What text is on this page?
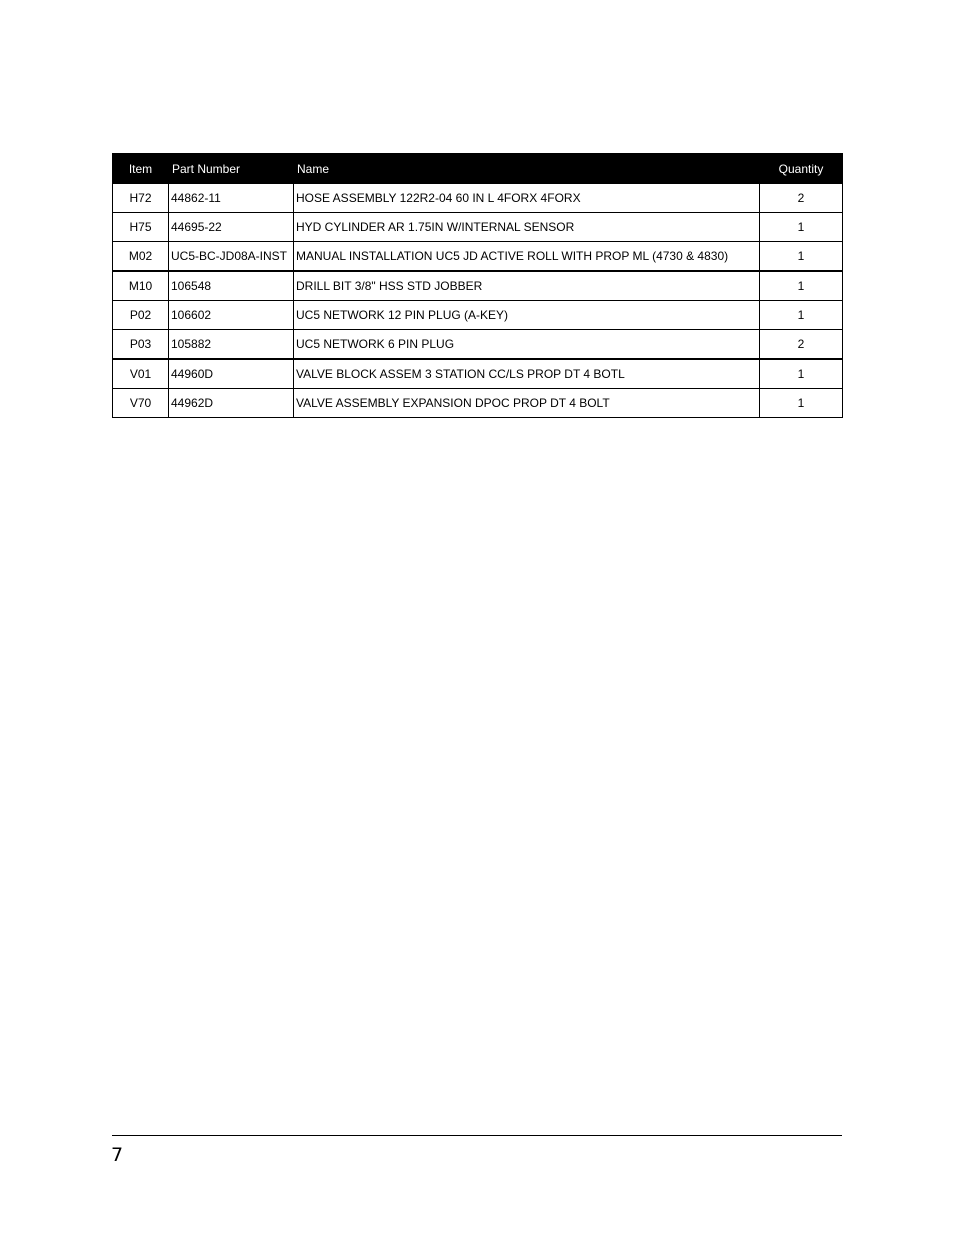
Item	Part Number	Name	Quantity
H72	44862-11	HOSE ASSEMBLY 122R2-04 60 IN L 4FORX 4FORX	2
H75	44695-22	HYD CYLINDER AR 1.75IN W/INTERNAL SENSOR	1
M02	UC5-BC-JD08A-INST	MANUAL INSTALLATION UC5 JD ACTIVE ROLL WITH PROP ML (4730 & 4830)	1
M10	106548	DRILL BIT 3/8" HSS STD JOBBER	1
P02	106602	UC5 NETWORK 12 PIN PLUG (A-KEY)	1
P03	105882	UC5 NETWORK 6 PIN PLUG	2
V01	44960D	VALVE BLOCK ASSEM 3 STATION CC/LS PROP DT 4 BOTL	1
V70	44962D	VALVE ASSEMBLY EXPANSION DPOC PROP DT 4 BOLT	1
7
